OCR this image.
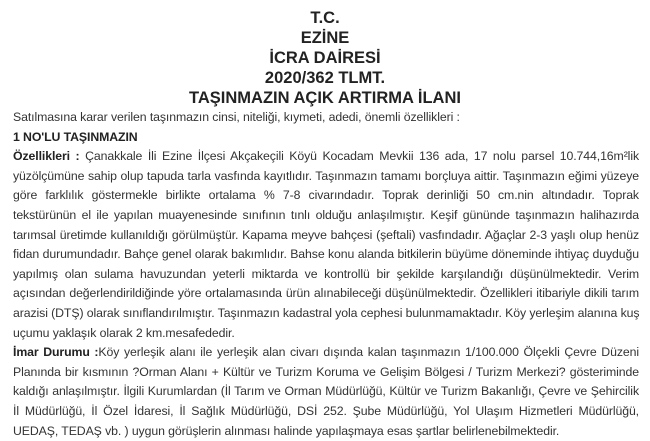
T.C.
EZİNE
İCRA DAİRESİ
2020/362 TLMT.
TAŞINMAZIN AÇIK ARTIRMA İLANI
Satılmasına karar verilen taşınmazın cinsi, niteliği, kıymeti, adedi, önemli özellikleri :
1 NO'LU TAŞINMAZIN
Özellikleri : Çanakkale İli Ezine İlçesi Akçakeçili Köyü Kocadam Mevkii 136 ada, 17 nolu parsel 10.744,16m²lik
yüzölçümüne sahip olup tapuda tarla vasfında kayıtlıdır. Taşınmazın tamamı borçluya aittir. Taşınmazın eğimi yüzeye
göre farklılık göstermekle birlikte ortalama % 7-8 civarındadır. Toprak derinliği 50 cm.nin altındadır. Toprak
tekstürünün el ile yapılan muayenesinde sınıfının tınlı olduğu anlaşılmıştır. Keşif gününde taşınmazın halihazırda
tarımsal üretimde kullanıldığı görülmüştür. Kapama meyve bahçesi (şeftali) vasfındadır. Ağaçlar 2-3 yaşlı olup henüz
fidan durumundadır. Bahçe genel olarak bakımlıdır. Bahse konu alanda bitkilerin büyüme döneminde ihtiyaç duyduğu
yapılmış olan sulama havuzundan yeterli miktarda ve kontrollü bir şekilde karşılandığı düşünülmektedir. Verim
açısından değerlendirildiğinde yöre ortalamasında ürün alınabileceği düşünülmektedir. Özellikleri itibariyle dikili tarım
arazisi (DTŞ) olarak sınıflandırılmıştır. Taşınmazın kadastral yola cephesi bulunmamaktadır. Köy yerleşim alanına kuş
uçumu yaklaşık olarak 2 km.mesafededir.
İmar Durumu :Köy yerleşik alanı ile yerleşik alan civarı dışında kalan taşınmazın 1/100.000 Ölçekli Çevre Düzeni
Planında bir kısmının ?Orman Alanı + Kültür ve Turizm Koruma ve Gelişim Bölgesi / Turizm Merkezi? gösteriminde
kaldığı anlaşılmıştır. İlgili Kurumlardan (İl Tarım ve Orman Müdürlüğü, Kültür ve Turizm Bakanlığı, Çevre ve Şehircilik
İl Müdürlüğü, İl Özel İdaresi, İl Sağlık Müdürlüğü, DSİ 252. Şube Müdürlüğü, Yol Ulaşım Hizmetleri Müdürlüğü,
UEDAŞ, TEDAŞ vb. ) uygun görüşlerin alınması halinde yapılaşmaya esas şartlar belirlenebilmektedir.
